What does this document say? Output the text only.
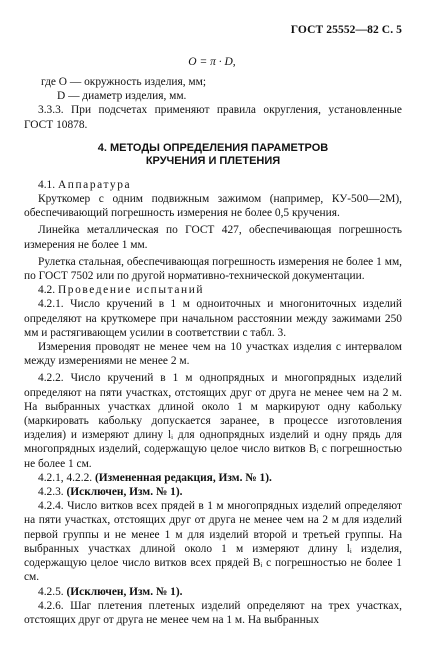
ГОСТ 25552—82 С. 5
O = π · D,

где O — окружность изделия, мм;

D — диаметр изделия, мм.

3.3.3. При подсчетах применяют правила округления, установленные ГОСТ 10878.

4. МЕТОДЫ ОПРЕДЕЛЕНИЯ ПАРАМЕТРОВ
КРУЧЕНИЯ И ПЛЕТЕНИЯ

4.1. Аппаратура

Круткомер с одним подвижным зажимом (например, КУ-500—2М), обеспечивающий погрешность измерения не более 0,5 кручения.

Линейка металлическая по ГОСТ 427, обеспечивающая погрешность измерения не более 1 мм.

Рулетка стальная, обеспечивающая погрешность измерения не более 1 мм, по ГОСТ 7502 или по другой нормативно-технической документации.

4.2. Проведение испытаний

4.2.1. Число кручений в 1 м одноиточных и многониточных изделий определяют на круткомере при начальном расстоянии между зажимами 250 мм и растягивающем усилии в соответствии с табл. 3.

Измерения проводят не менее чем на 10 участках изделия с интервалом между измерениями не менее 2 м.

4.2.2. Число кручений в 1 м однопрядных и многопрядных изделий определяют на пяти участках, отстоящих друг от друга не менее чем на 2 м. На выбранных участках длиной около 1 м маркируют одну кабольку (маркировать кабольку допускается заранее, в процессе изготовления изделия) и измеряют длину lᵢ для однопрядных изделий и одну прядь для многопрядных изделий, содержащую целое число витков Bᵢ с погрешностью не более 1 см.

4.2.1, 4.2.2. (Измененная редакция, Изм. № 1).

4.2.3. (Исключен, Изм. № 1).

4.2.4. Число витков всех прядей в 1 м многопрядных изделий определяют на пяти участках, отстоящих друг от друга не менее чем на 2 м для изделий первой группы и не менее 1 м для изделий второй и третьей группы. На выбранных участках длиной около 1 м измеряют длину lᵢ изделия, содержащую целое число витков всех прядей Bᵢ с погрешностью не более 1 см.

4.2.5. (Исключен, Изм. № 1).

4.2.6. Шаг плетения плетеных изделий определяют на трех участках, отстоящих друг от друга не менее чем на 1 м. На выбранных
